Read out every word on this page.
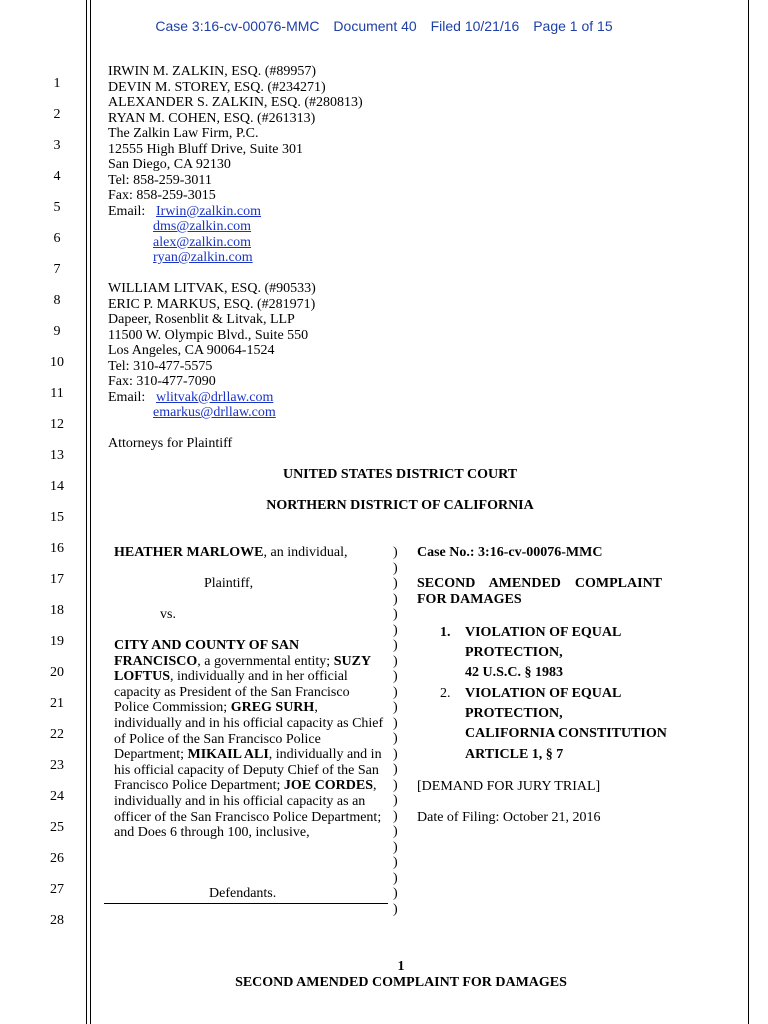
Case 3:16-cv-00076-MMC Document 40 Filed 10/21/16 Page 1 of 15
1
2
3
4
5
6
7
8
9
10
11
12
13
14
15
16
17
18
19
20
21
22
23
24
25
26
27
28
IRWIN M. ZALKIN, ESQ. (#89957)
DEVIN M. STOREY, ESQ. (#234271)
ALEXANDER S. ZALKIN, ESQ. (#280813)
RYAN M. COHEN, ESQ. (#261313)
The Zalkin Law Firm, P.C.
12555 High Bluff Drive, Suite 301
San Diego, CA 92130
Tel: 858-259-3011
Fax: 858-259-3015
Email: Irwin@zalkin.com
dms@zalkin.com
alex@zalkin.com
ryan@zalkin.com
WILLIAM LITVAK, ESQ. (#90533)
ERIC P. MARKUS, ESQ. (#281971)
Dapeer, Rosenblit & Litvak, LLP
11500 W. Olympic Blvd., Suite 550
Los Angeles, CA 90064-1524
Tel: 310-477-5575
Fax: 310-477-7090
Email: wlitvak@drllaw.com
emarkus@drllaw.com
Attorneys for Plaintiff
UNITED STATES DISTRICT COURT
NORTHERN DISTRICT OF CALIFORNIA
HEATHER MARLOWE, an individual,
Plaintiff,
vs.
CITY AND COUNTY OF SAN FRANCISCO, a governmental entity; SUZY LOFTUS, individually and in her official capacity as President of the San Francisco Police Commission; GREG SURH, individually and in his official capacity as Chief of Police of the San Francisco Police Department; MIKAIL ALI, individually and in his official capacity of Deputy Chief of the San Francisco Police Department; JOE CORDES, individually and in his official capacity as an officer of the San Francisco Police Department; and Does 6 through 100, inclusive,
Defendants.
)
)
)
)
)
)
)
)
)
)
)
)
)
)
)
)
)
)
)
)
)
)
)
)
Case No.: 3:16-cv-00076-MMC
SECOND    AMENDED    COMPLAINT
FOR DAMAGES
1. VIOLATION OF EQUAL
PROTECTION,
42 U.S.C. § 1983
2. VIOLATION OF EQUAL
PROTECTION,
CALIFORNIA CONSTITUTION
ARTICLE 1, § 7
[DEMAND FOR JURY TRIAL]
Date of Filing: October 21, 2016
1
SECOND AMENDED COMPLAINT FOR DAMAGES
